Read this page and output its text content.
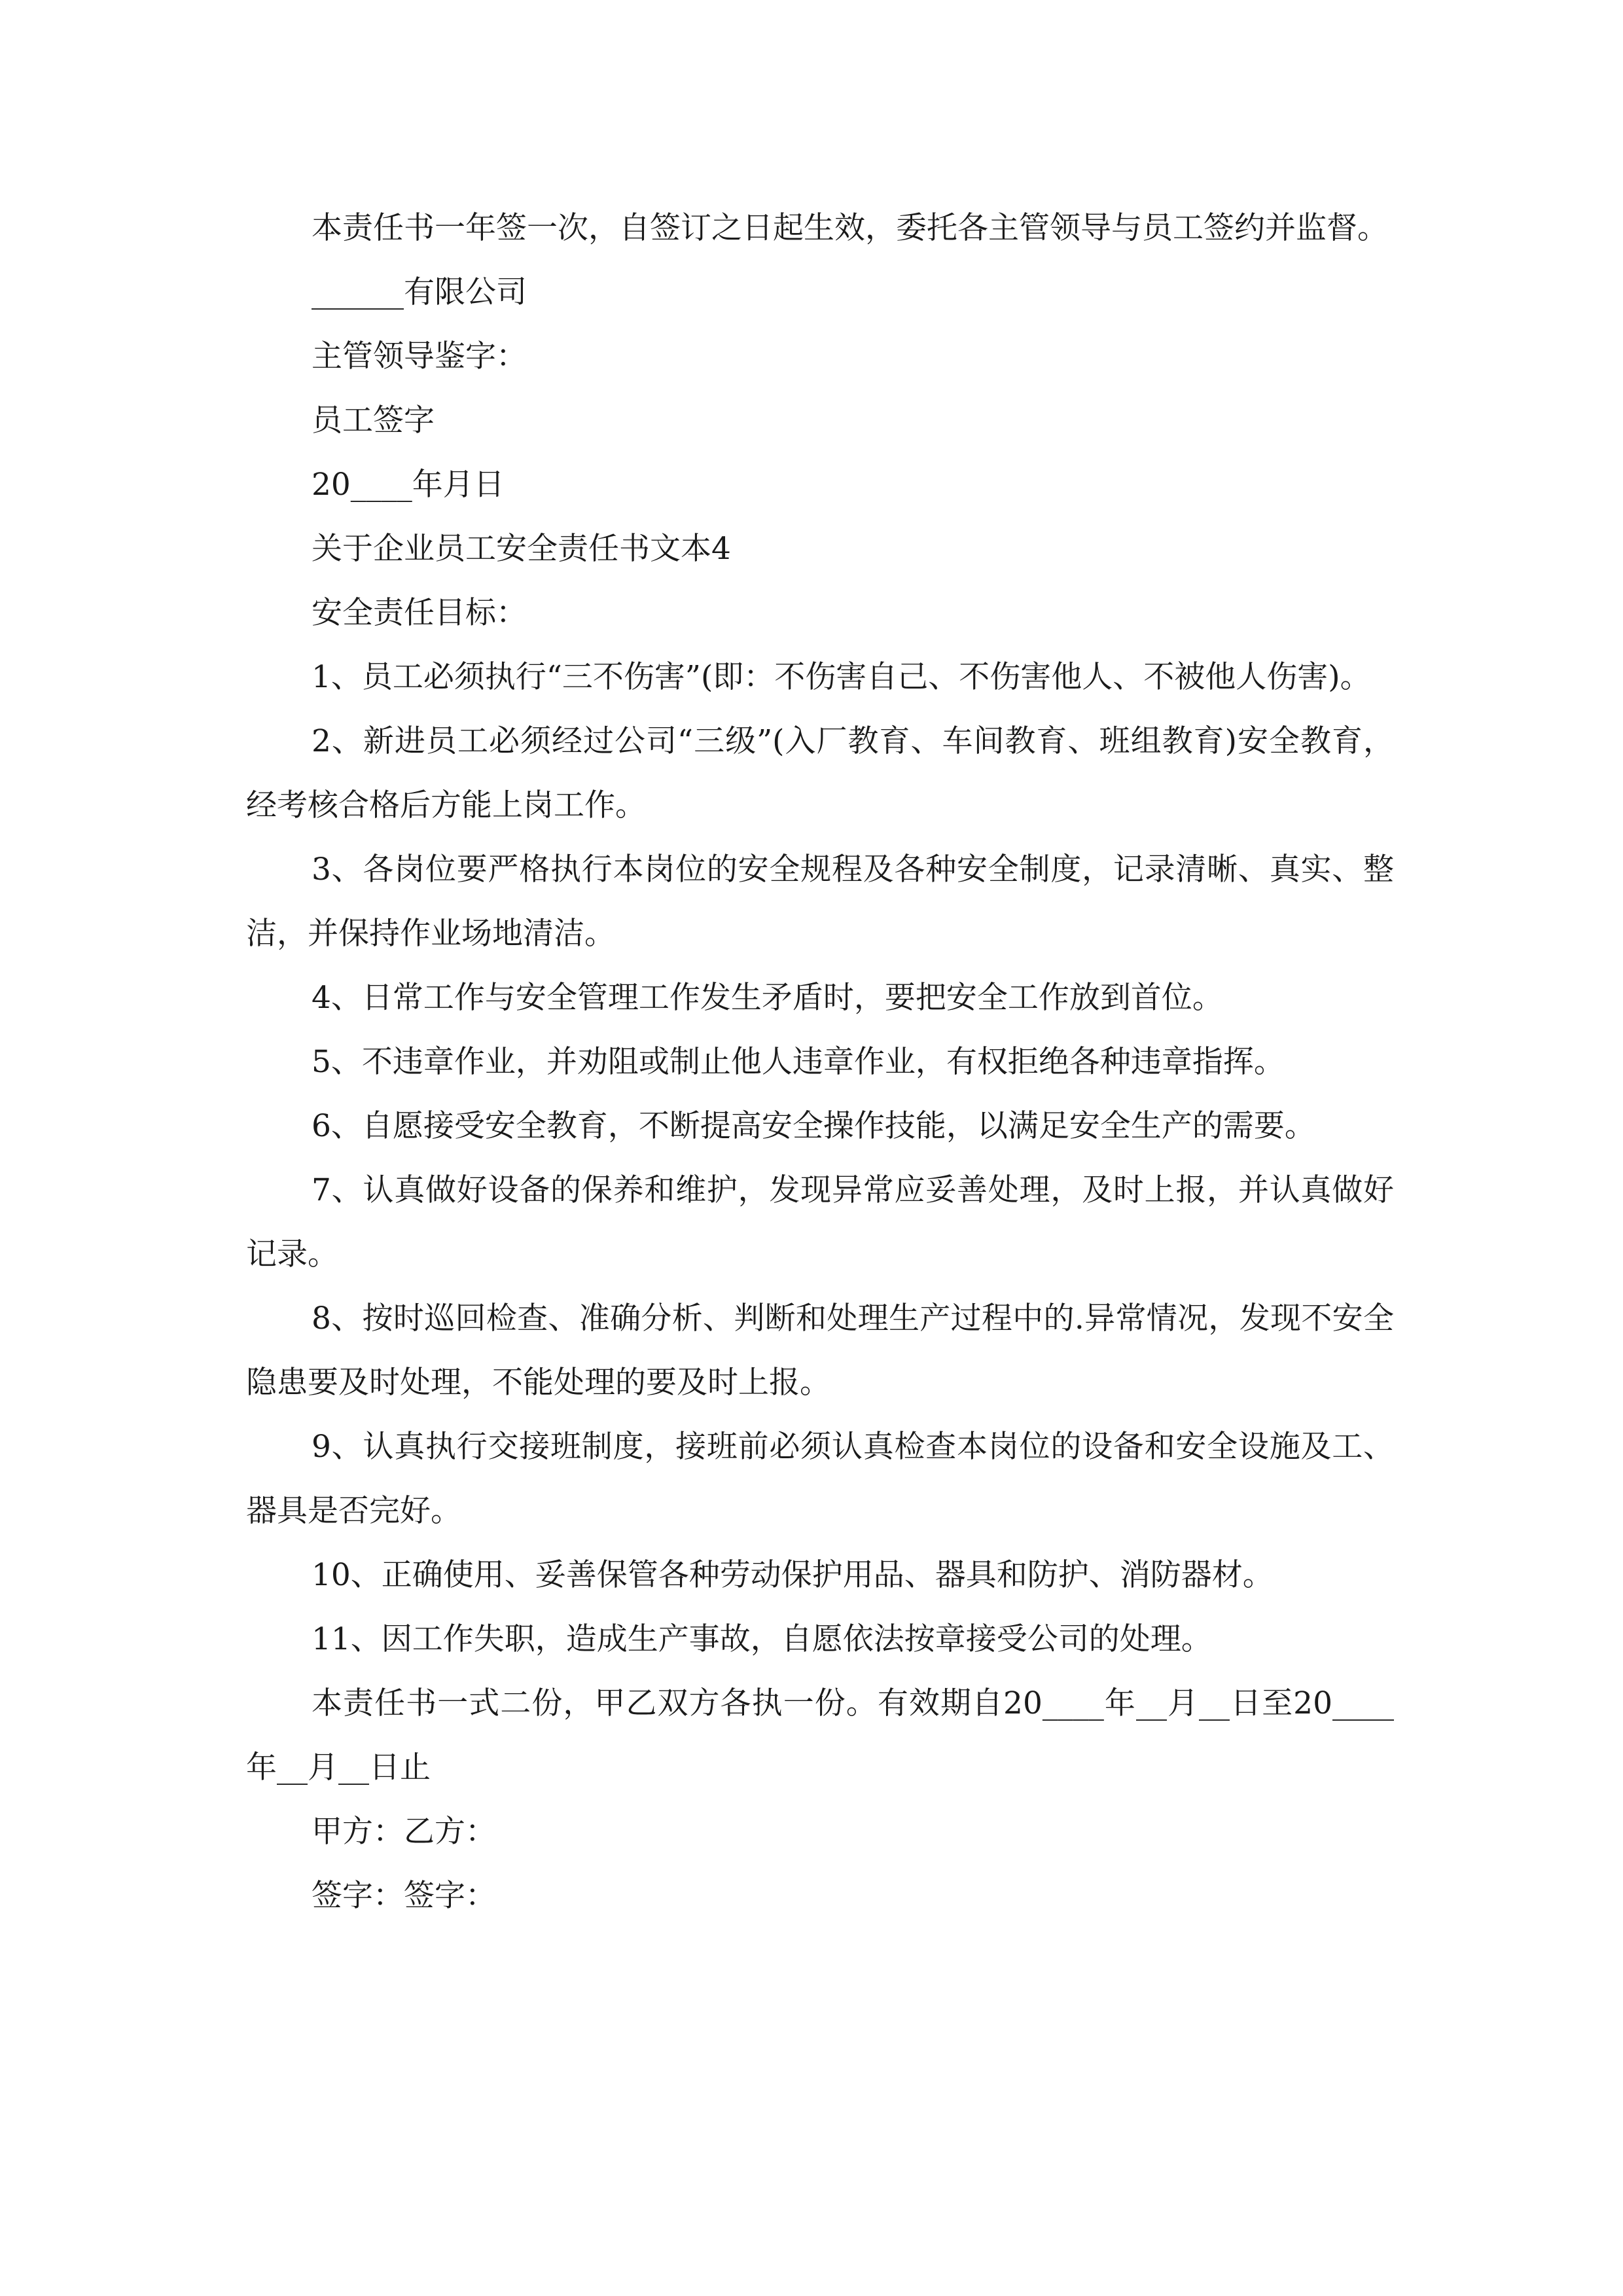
本责任书一年签一次，自签订之日起生效，委托各主管领导与员工签约并监督。

______有限公司

主管领导鉴字：

员工签字

20____年月日

关于企业员工安全责任书文本4

安全责任目标：

1、员工必须执行“三不伤害”(即：不伤害自己、不伤害他人、不被他人伤害)。

2、新进员工必须经过公司“三级”(入厂教育、车间教育、班组教育)安全教育，经考核合格后方能上岗工作。

3、各岗位要严格执行本岗位的安全规程及各种安全制度，记录清晰、真实、整洁，并保持作业场地清洁。

4、日常工作与安全管理工作发生矛盾时，要把安全工作放到首位。

5、不违章作业，并劝阻或制止他人违章作业，有权拒绝各种违章指挥。

6、自愿接受安全教育，不断提高安全操作技能，以满足安全生产的需要。

7、认真做好设备的保养和维护，发现异常应妥善处理，及时上报，并认真做好记录。

8、按时巡回检查、准确分析、判断和处理生产过程中的.异常情况，发现不安全隐患要及时处理，不能处理的要及时上报。

9、认真执行交接班制度，接班前必须认真检查本岗位的设备和安全设施及工、器具是否完好。

10、正确使用、妥善保管各种劳动保护用品、器具和防护、消防器材。

11、因工作失职，造成生产事故，自愿依法按章接受公司的处理。

本责任书一式二份，甲乙双方各执一份。有效期自20____年__月__日至20____年__月__日止

甲方：乙方：

签字：签字：
